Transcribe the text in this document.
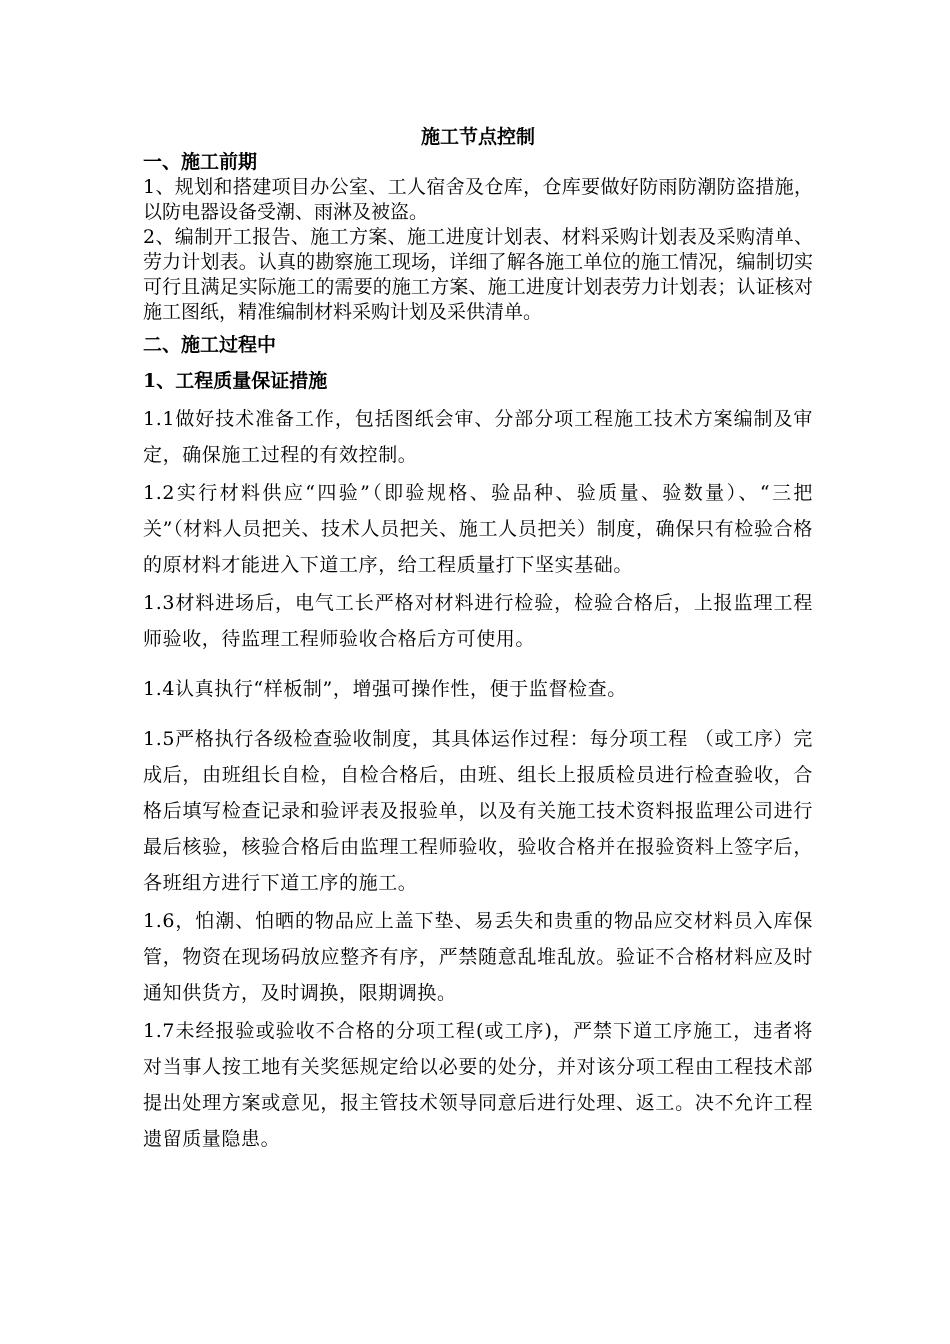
施工节点控制
一、施工前期
1、规划和搭建项目办公室、工人宿舍及仓库，仓库要做好防雨防潮防盗措施，以防电器设备受潮、雨淋及被盗。
2、编制开工报告、施工方案、施工进度计划表、材料采购计划表及采购清单、劳力计划表。认真的勘察施工现场，详细了解各施工单位的施工情况，编制切实可行且满足实际施工的需要的施工方案、施工进度计划表劳力计划表；认证核对施工图纸，精准编制材料采购计划及采供清单。
二、施工过程中
1、工程质量保证措施
1.1做好技术准备工作，包括图纸会审、分部分项工程施工技术方案编制及审定，确保施工过程的有效控制。
1.2实行材料供应“四验”（即验规格、验品种、验质量、验数量）、“三把关”（材料人员把关、技术人员把关、施工人员把关）制度，确保只有检验合格的原材料才能进入下道工序，给工程质量打下坚实基础。
1.3材料进场后，电气工长严格对材料进行检验，检验合格后，上报监理工程师验收，待监理工程师验收合格后方可使用。
1.4认真执行“样板制”，增强可操作性，便于监督检查。
1.5严格执行各级检查验收制度，其具体运作过程：每分项工程 （或工序）完成后，由班组长自检，自检合格后，由班、组长上报质检员进行检查验收，合格后填写检查记录和验评表及报验单，以及有关施工技术资料报监理公司进行最后核验，核验合格后由监理工程师验收，验收合格并在报验资料上签字后，各班组方进行下道工序的施工。
1.6，怕潮、怕晒的物品应上盖下垫、易丢失和贵重的物品应交材料员入库保管，物资在现场码放应整齐有序，严禁随意乱堆乱放。验证不合格材料应及时通知供货方，及时调换，限期调换。
1.7未经报验或验收不合格的分项工程(或工序)，严禁下道工序施工，违者将对当事人按工地有关奖惩规定给以必要的处分，并对该分项工程由工程技术部提出处理方案或意见，报主管技术领导同意后进行处理、返工。决不允许工程遗留质量隐患。
